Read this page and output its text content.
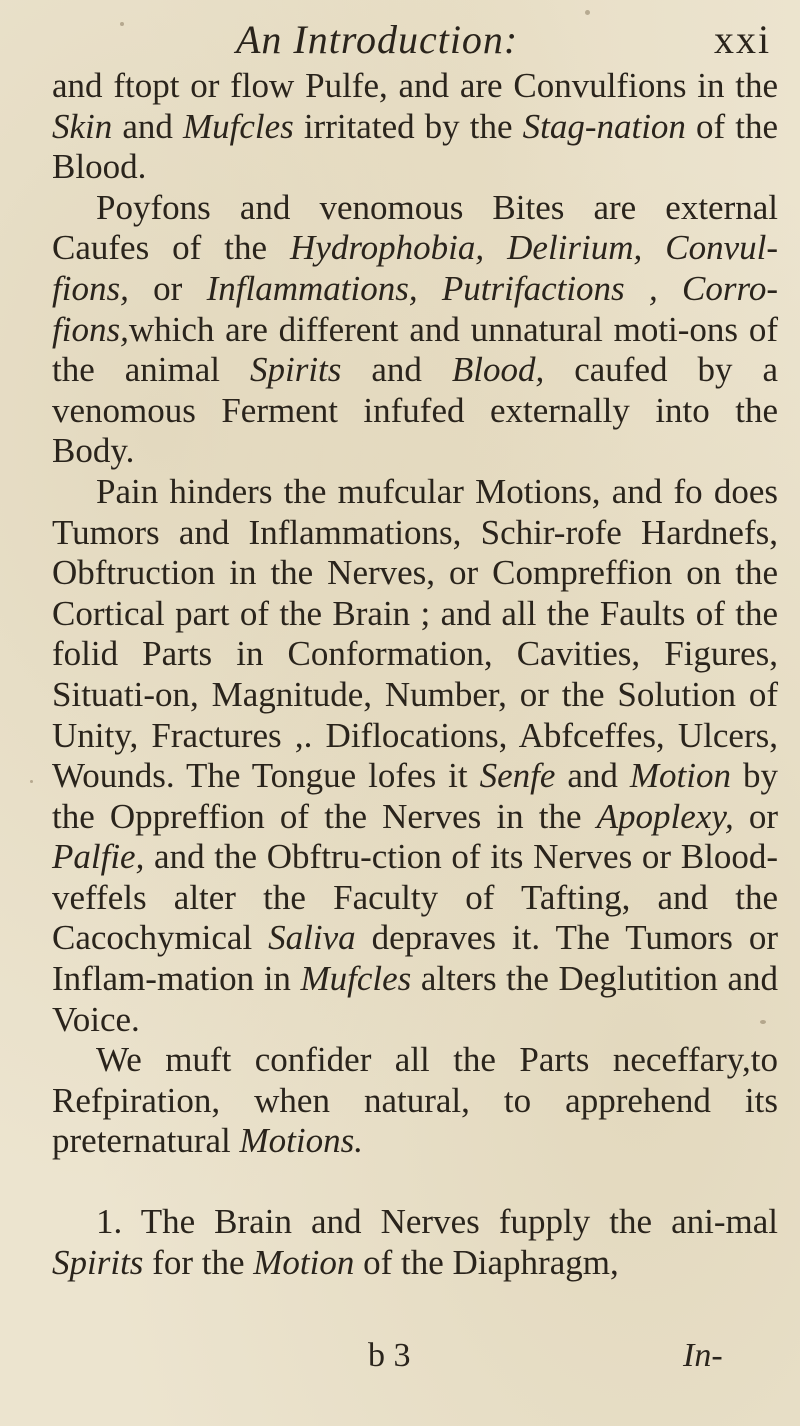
An Introduction:	xxi

and ftopt or flow Pulfe, and are Convulfions in the Skin and Mufcles irritated by the Stag-nation of the Blood.

Poyfons and venomous Bites are external Caufes of the Hydrophobia, Delirium, Convul-fions, or Inflammations, Putrifactions , Corro-fions,which are different and unnatural moti-ons of the animal Spirits and Blood, caufed by a venomous Ferment infufed externally into the Body.

Pain hinders the mufcular Motions, and fo does Tumors and Inflammations, Schir-rofe Hardnefs, Obftruction in the Nerves, or Compreffion on the Cortical part of the Brain ; and all the Faults of the folid Parts in Conformation, Cavities, Figures, Situati-on, Magnitude, Number, or the Solution of Unity, Fractures ,. Diflocations, Abfceffes, Ulcers, Wounds. The Tongue lofes it Senfe and Motion by the Oppreffion of the Nerves in the Apoplexy, or Palfie, and the Obftru-ction of its Nerves or Blood-veffels alter the Faculty of Tafting, and the Cacochymical Saliva depraves it. The Tumors or Inflam-mation in Mufcles alters the Deglutition and Voice.

We muft confider all the Parts neceffary,to Refpiration, when natural, to apprehend its preternatural Motions.

1. The Brain and Nerves fupply the ani-mal Spirits for the Motion of the Diaphragm,

b 3	In-
